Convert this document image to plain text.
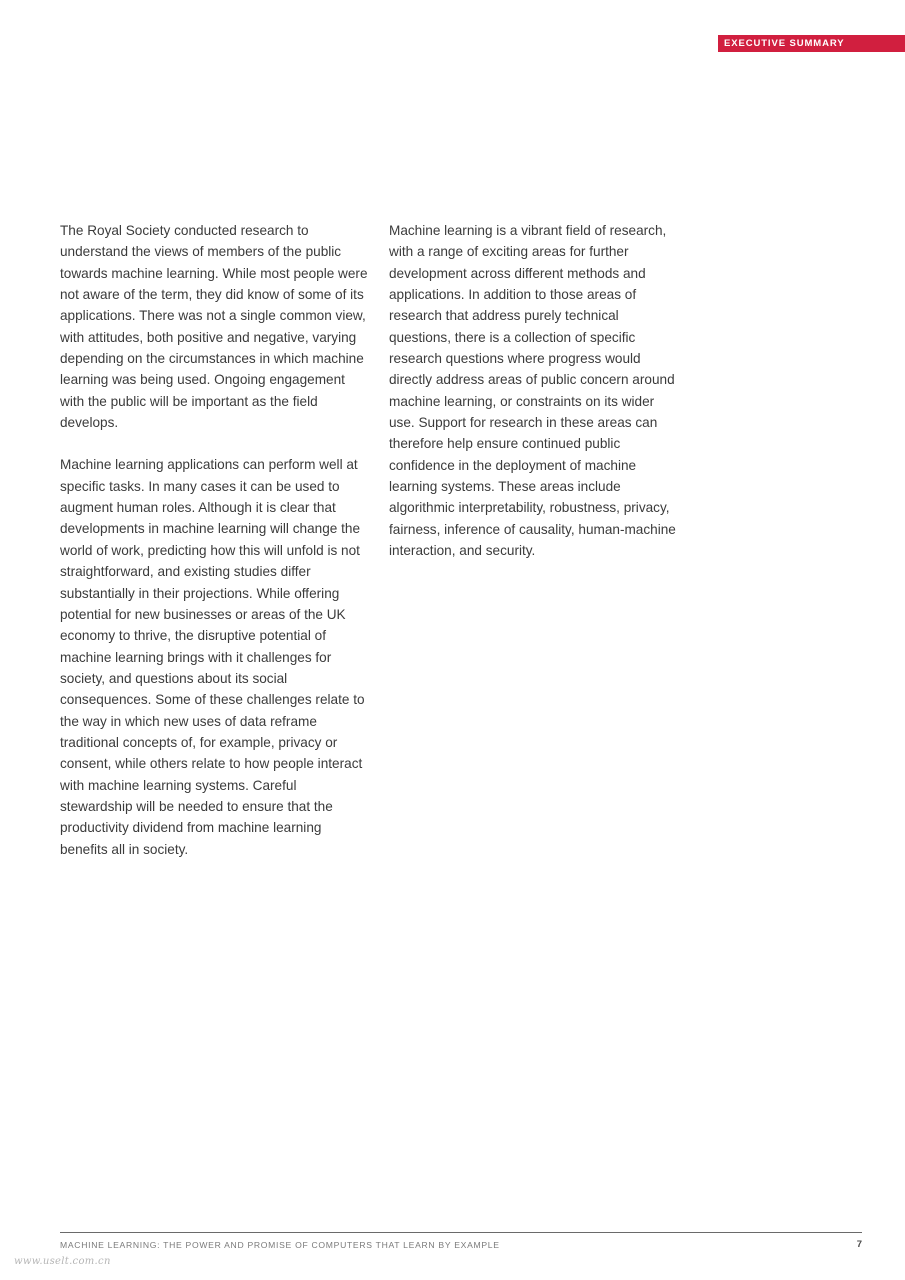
EXECUTIVE SUMMARY

The Royal Society conducted research to understand the views of members of the public towards machine learning. While most people were not aware of the term, they did know of some of its applications. There was not a single common view, with attitudes, both positive and negative, varying depending on the circumstances in which machine learning was being used. Ongoing engagement with the public will be important as the field develops.

Machine learning applications can perform well at specific tasks. In many cases it can be used to augment human roles. Although it is clear that developments in machine learning will change the world of work, predicting how this will unfold is not straightforward, and existing studies differ substantially in their projections. While offering potential for new businesses or areas of the UK economy to thrive, the disruptive potential of machine learning brings with it challenges for society, and questions about its social consequences. Some of these challenges relate to the way in which new uses of data reframe traditional concepts of, for example, privacy or consent, while others relate to how people interact with machine learning systems. Careful stewardship will be needed to ensure that the productivity dividend from machine learning benefits all in society.

Machine learning is a vibrant field of research, with a range of exciting areas for further development across different methods and applications. In addition to those areas of research that address purely technical questions, there is a collection of specific research questions where progress would directly address areas of public concern around machine learning, or constraints on its wider use. Support for research in these areas can therefore help ensure continued public confidence in the deployment of machine learning systems. These areas include algorithmic interpretability, robustness, privacy, fairness, inference of causality, human-machine interaction, and security.

MACHINE LEARNING: THE POWER AND PROMISE OF COMPUTERS THAT LEARN BY EXAMPLE	7
www.uselt.com.cn
